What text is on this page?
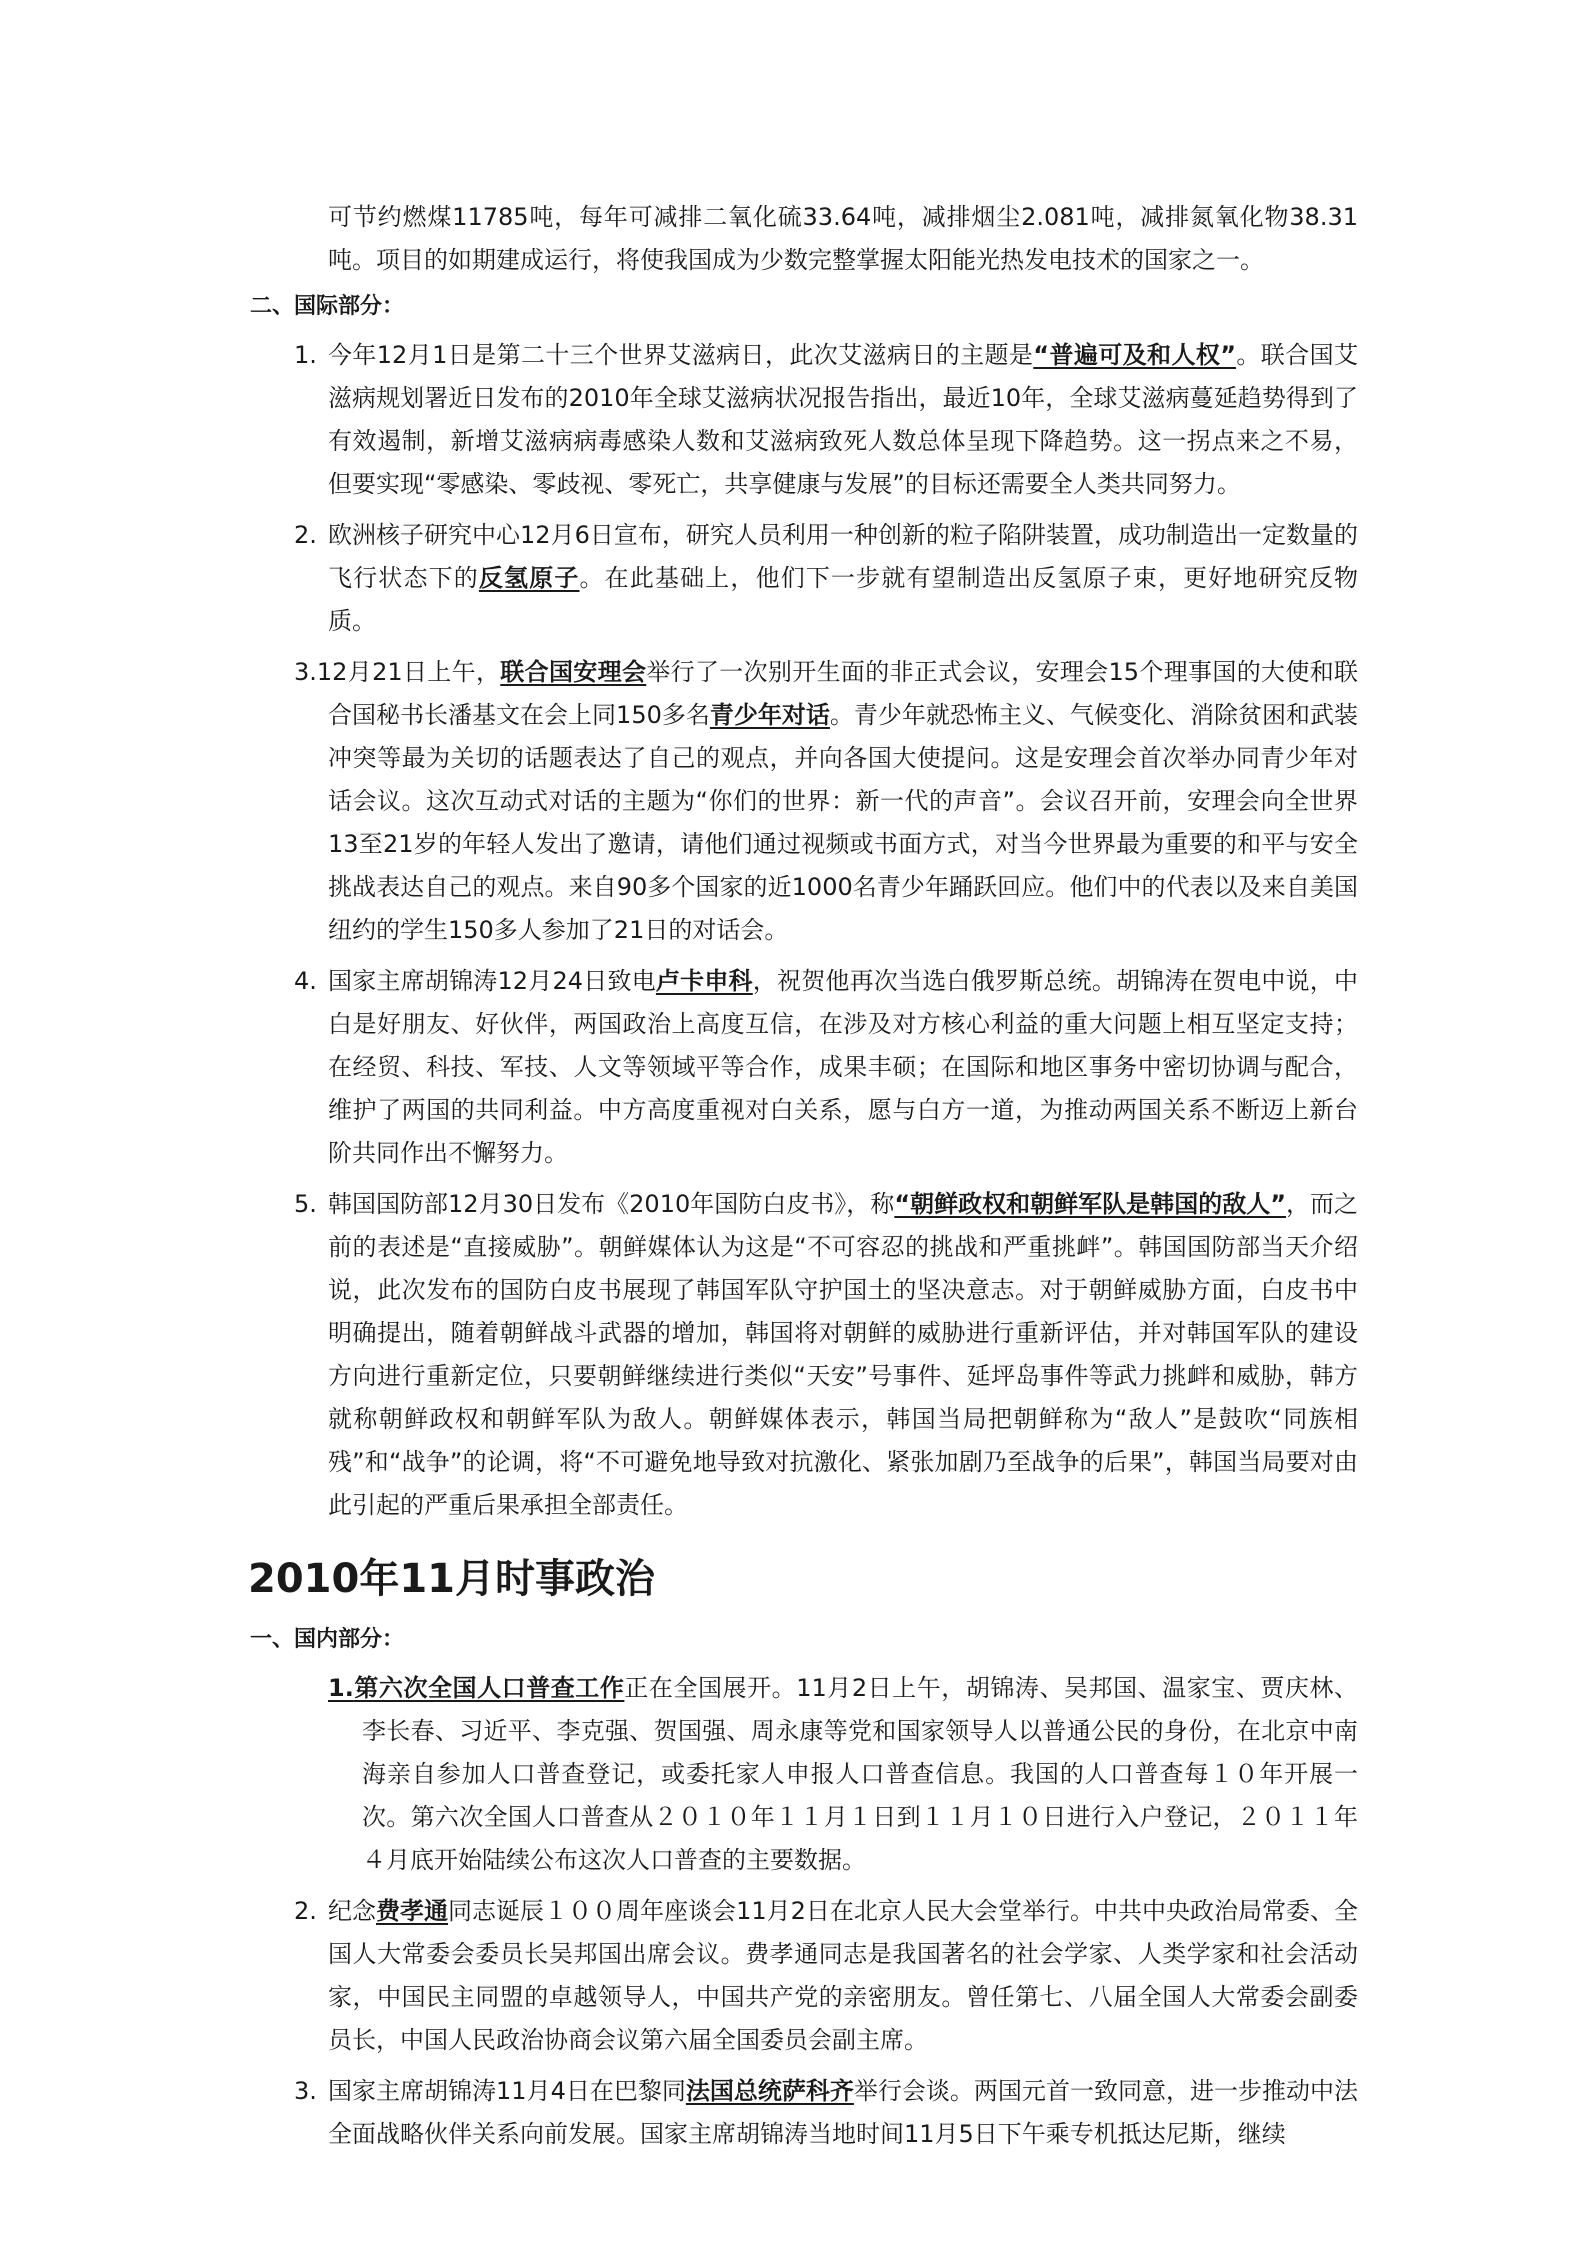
可节约燃煤11785吨，每年可减排二氧化硫33.64吨，减排烟尘2.081吨，减排氮氧化物38.31吨。项目的如期建成运行，将使我国成为少数完整掌握太阳能光热发电技术的国家之一。

二、国际部分：

1. 今年12月1日是第二十三个世界艾滋病日，此次艾滋病日的主题是“普遍可及和人权”。联合国艾滋病规划署近日发布的2010年全球艾滋病状况报告指出，最近10年，全球艾滋病蔓延趋势得到了有效遏制，新增艾滋病病毒感染人数和艾滋病致死人数总体呈现下降趋势。这一拐点来之不易，但要实现“零感染、零歧视、零死亡，共享健康与发展”的目标还需要全人类共同努力。

2. 欧洲核子研究中心12月6日宣布，研究人员利用一种创新的粒子陷阱装置，成功制造出一定数量的飞行状态下的反氢原子。在此基础上，他们下一步就有望制造出反氢原子束，更好地研究反物质。

3.12月21日上午，联合国安理会举行了一次别开生面的非正式会议，安理会15个理事国的大使和联合国秘书长潘基文在会上同150多名青少年对话。青少年就恐怖主义、气候变化、消除贫困和武装冲突等最为关切的话题表达了自己的观点，并向各国大使提问。这是安理会首次举办同青少年对话会议。这次互动式对话的主题为“你们的世界：新一代的声音”。会议召开前，安理会向全世界13至21岁的年轻人发出了邀请，请他们通过视频或书面方式，对当今世界最为重要的和平与安全挑战表达自己的观点。来自90多个国家的近1000名青少年踊跃回应。他们中的代表以及来自美国纽约的学生150多人参加了21日的对话会。

4. 国家主席胡锦涛12月24日致电卢卡申科，祝贺他再次当选白俄罗斯总统。胡锦涛在贺电中说，中白是好朋友、好伙伴，两国政治上高度互信，在涉及对方核心利益的重大问题上相互坚定支持；在经贸、科技、军技、人文等领域平等合作，成果丰硕；在国际和地区事务中密切协调与配合，维护了两国的共同利益。中方高度重视对白关系，愿与白方一道，为推动两国关系不断迈上新台阶共同作出不懈努力。

5. 韩国国防部12月30日发布《2010年国防白皮书》，称“朝鲜政权和朝鲜军队是韩国的敌人”，而之前的表述是“直接威胁”。朝鲜媒体认为这是“不可容忍的挑战和严重挑衅”。韩国国防部当天介绍说，此次发布的国防白皮书展现了韩国军队守护国土的坚决意志。对于朝鲜威胁方面，白皮书中明确提出，随着朝鲜战斗武器的增加，韩国将对朝鲜的威胁进行重新评估，并对韩国军队的建设方向进行重新定位，只要朝鲜继续进行类似“天安”号事件、延坪岛事件等武力挑衅和威胁，韩方就称朝鲜政权和朝鲜军队为敌人。朝鲜媒体表示，韩国当局把朝鲜称为“敌人”是鼓吹“同族相残”和“战争”的论调，将“不可避免地导致对抗激化、紧张加剧乃至战争的后果”，韩国当局要对由此引起的严重后果承担全部责任。

2010年11月时事政治

一、国内部分：

1.第六次全国人口普查工作正在全国展开。11月2日上午，胡锦涛、吴邦国、温家宝、贾庆林、李长春、习近平、李克强、贺国强、周永康等党和国家领导人以普通公民的身份，在北京中南海亲自参加人口普查登记，或委托家人申报人口普查信息。我国的人口普查每１０年开展一次。第六次全国人口普查从２０１０年１１月１日到１１月１０日进行入户登记，２０１１年４月底开始陆续公布这次人口普查的主要数据。

2. 纪念费孝通同志诞辰１００周年座谈会11月2日在北京人民大会堂举行。中共中央政治局常委、全国人大常委会委员长吴邦国出席会议。费孝通同志是我国著名的社会学家、人类学家和社会活动家，中国民主同盟的卓越领导人，中国共产党的亲密朋友。曾任第七、八届全国人大常委会副委员长，中国人民政治协商会议第六届全国委员会副主席。

3. 国家主席胡锦涛11月4日在巴黎同法国总统萨科齐举行会谈。两国元首一致同意，进一步推动中法全面战略伙伴关系向前发展。国家主席胡锦涛当地时间11月5日下午乘专机抵达尼斯，继续
